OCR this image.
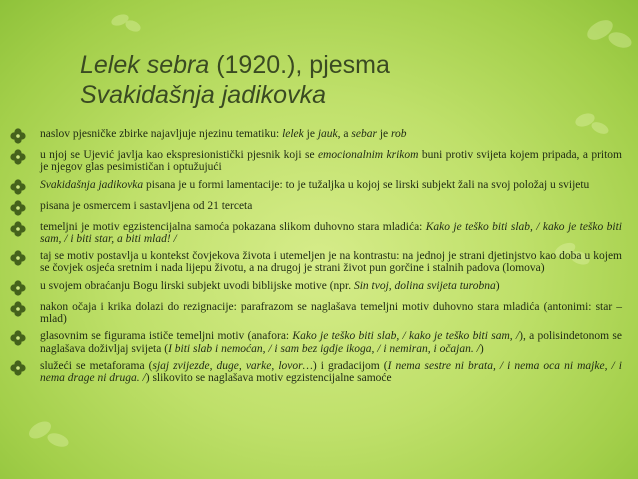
Lelek sebra (1920.), pjesma
Svakidašnja jadikovka
naslov pjesničke zbirke najavljuje njezinu tematiku: lelek je jauk, a sebar je rob
u njoj se Ujević javlja kao ekspresionistički pjesnik koji se emocionalnim krikom buni protiv svijeta kojem pripada, a pritom je njegov glas pesimističan i optužujući
Svakidašnja jadikovka pisana je u formi lamentacije: to je tužaljka u kojoj se lirski subjekt žali na svoj položaj u svijetu
pisana je osmercem i sastavljena od 21 terceta
temeljni je motiv egzistencijalna samoća pokazana slikom duhovno stara mladića: Kako je teško biti slab, / kako je teško biti sam, / i biti star, a biti mlad! /
taj se motiv postavlja u kontekst čovjekova života i utemeljen je na kontrastu: na jednoj je strani djetinjstvo kao doba u kojem se čovjek osjeća sretnim i nada lijepu životu, a na drugoj je strani život pun gorčine i stalnih padova (lomova)
u svojem obraćanju Bogu lirski subjekt uvodi biblijske motive (npr. Sin tvoj, dolina svijeta turobna)
nakon očaja i krika dolazi do rezignacije: parafrazom se naglašava temeljni motiv duhovno stara mladića (antonimi: star – mlad)
glasovnim se figurama ističe temeljni motiv (anafora: Kako je teško biti slab, / kako je teško biti sam, /), a polisindetonom se naglašava doživljaj svijeta (I biti slab i nemoćan, / i sam bez igdje ikoga, / i nemiran, i očajan. /)
služeći se metaforama (sjaj zvijezde, duge, varke, lovor…) i gradacijom (I nema sestre ni brata, / i nema oca ni majke, / i nema drage ni druga. /) slikovito se naglašava motiv egzistencijalne samoće
